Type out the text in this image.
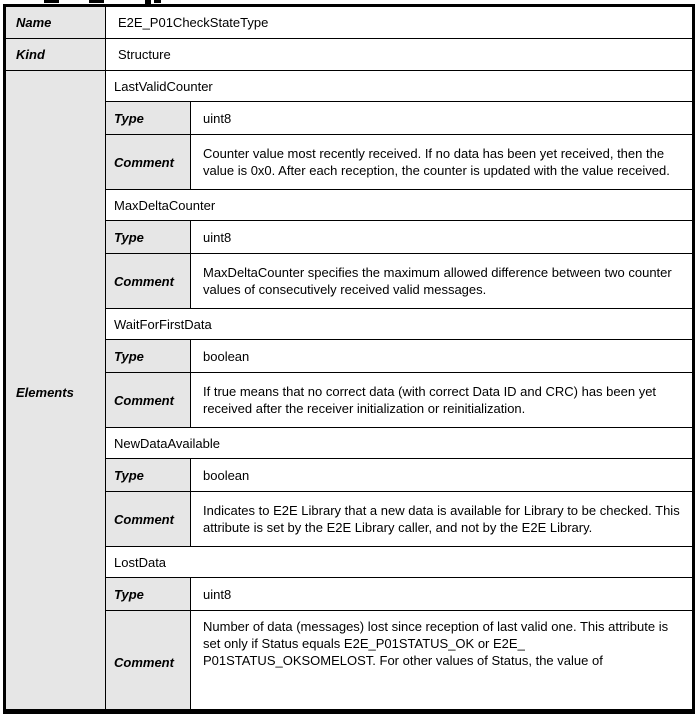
Name	E2E_P01CheckStateType	
Kind	Structure	
Elements	LastValidCounter	
	Type	uint8
	Comment	Counter value most recently received. If no data has been yet received, then the value is 0x0. After each reception, the counter is updated with the value received.
	MaxDeltaCounter	
	Type	uint8
	Comment	MaxDeltaCounter specifies the maximum allowed difference between two counter values of consecutively received valid messages.
	WaitForFirstData	
	Type	boolean
	Comment	If true means that no correct data (with correct Data ID and CRC) has been yet received after the receiver initialization or reinitialization.
	NewDataAvailable	
	Type	boolean
	Comment	Indicates to E2E Library that a new data is available for Library to be checked. This attribute is set by the E2E Library caller, and not by the E2E Library.
	LostData	
	Type	uint8
	Comment	Number of data (messages) lost since reception of last valid one. This attribute is set only if Status equals E2E_P01STATUS_OK or E2E_ P01STATUS_OKSOMELOST. For other values of Status, the value of
